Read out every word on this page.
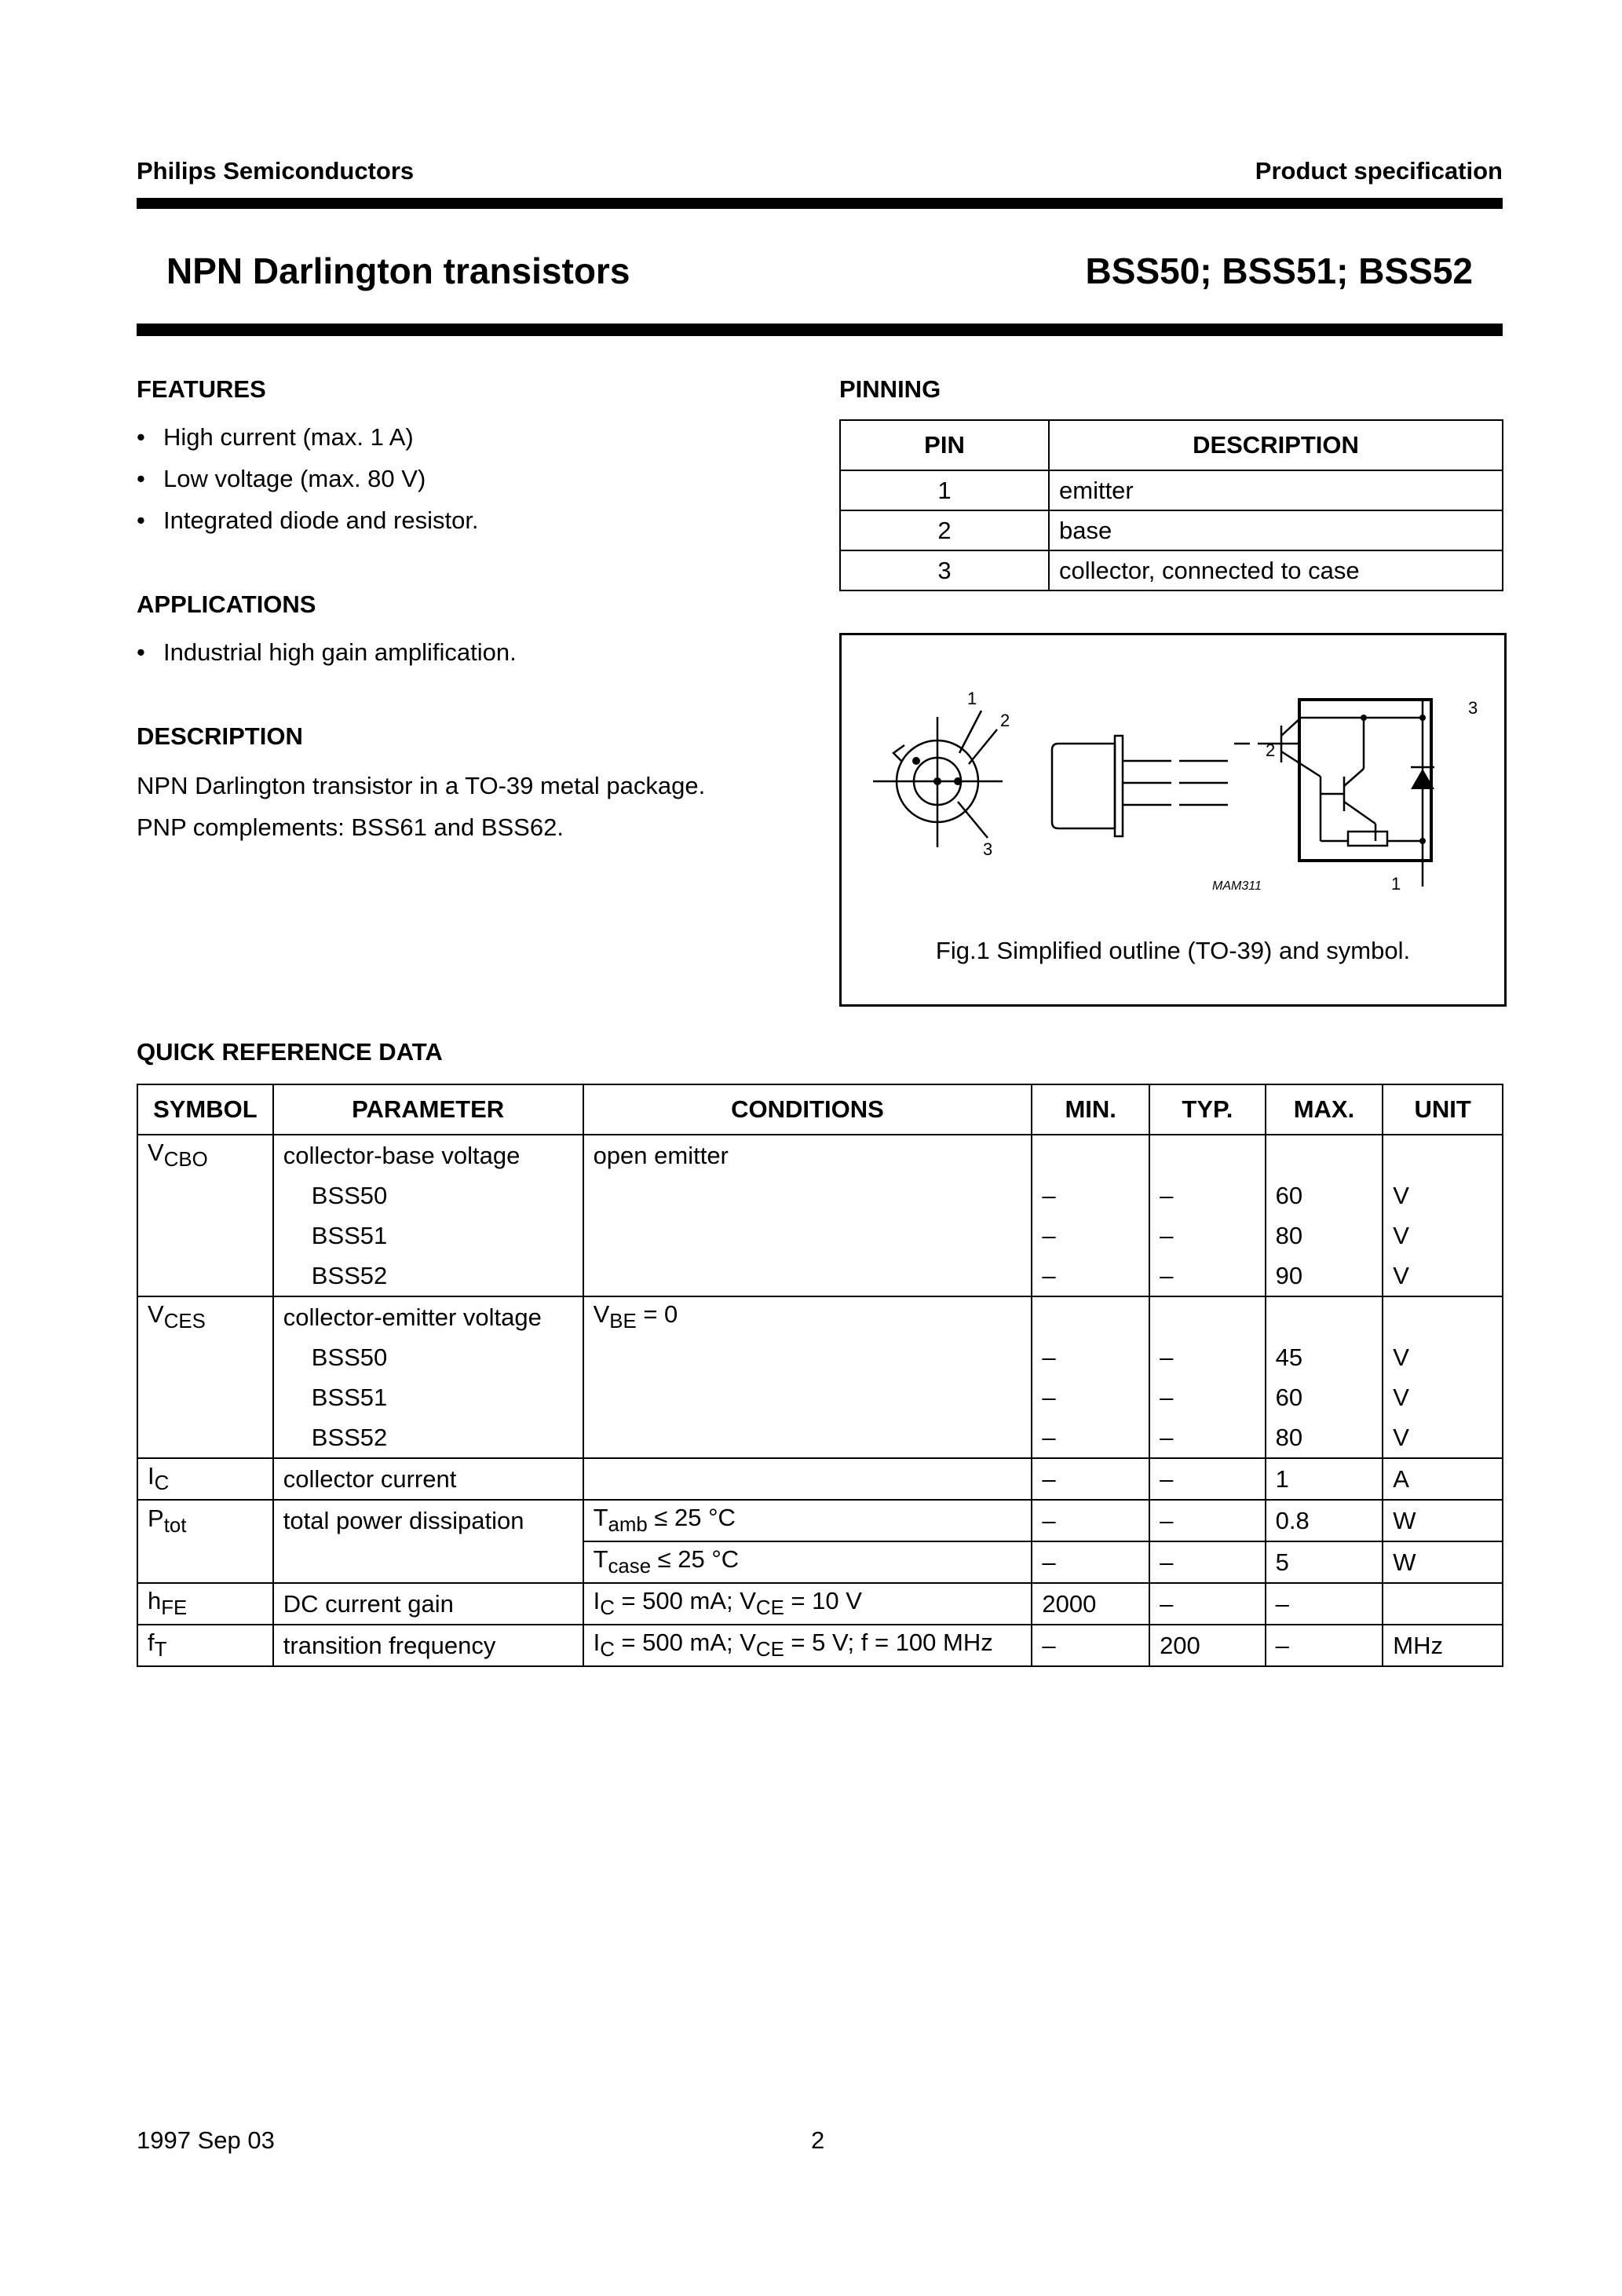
Philips Semiconductors	Product specification
NPN Darlington transistors	BSS50; BSS51; BSS52
FEATURES
• High current (max. 1 A)
• Low voltage (max. 80 V)
• Integrated diode and resistor.
APPLICATIONS
• Industrial high gain amplification.
DESCRIPTION
NPN Darlington transistor in a TO-39 metal package.
PNP complements: BSS61 and BSS62.
PINNING
PIN	DESCRIPTION
1	emitter
2	base
3	collector, connected to case
1
2
3
2
3
1
MAM311
Fig.1 Simplified outline (TO-39) and symbol.
QUICK REFERENCE DATA
SYMBOL	PARAMETER	CONDITIONS	MIN.	TYP.	MAX.	UNIT
$V_{CBO}$	collector-base voltage	open emitter				
	BSS50		–	–	60	V
	BSS51		–	–	80	V
	BSS52		–	–	90	V
$V_{CES}$	collector-emitter voltage	$V_{BE} = 0$				
	BSS50		–	–	45	V
	BSS51		–	–	60	V
	BSS52		–	–	80	V
$I_C$	collector current		–	–	1	A
$P_{tot}$	total power dissipation	$T_{amb} \le 25$ °C	–	–	0.8	W
		$T_{case} \le 25$ °C	–	–	5	W
$h_{FE}$	DC current gain	$I_C = 500$ mA; $V_{CE} = 10$ V	2000	–	–	
$f_T$	transition frequency	$I_C = 500$ mA; $V_{CE} = 5$ V; f = 100 MHz	–	200	–	MHz
1997 Sep 03	2
